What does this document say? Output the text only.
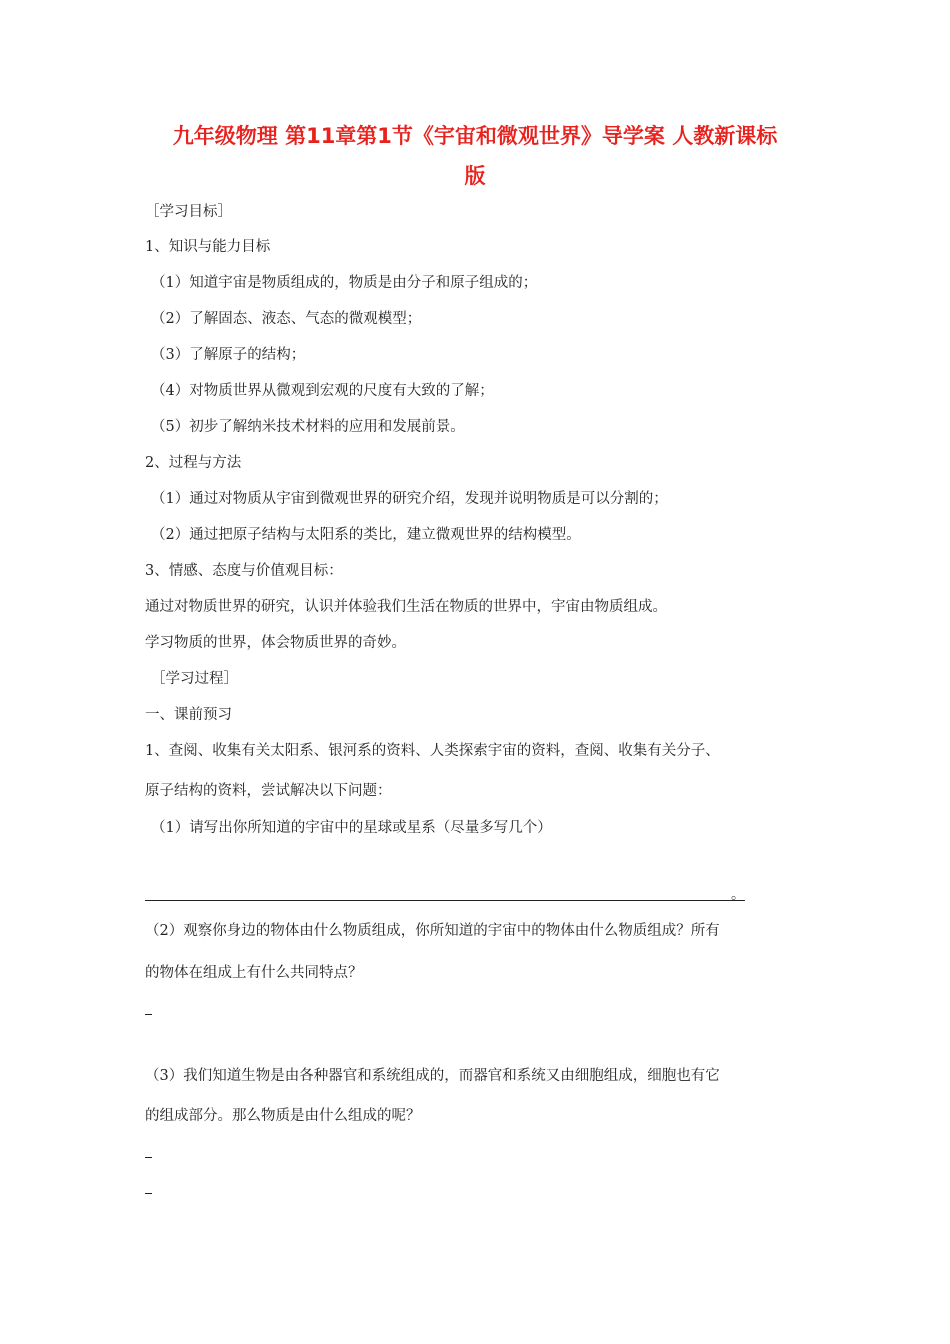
九年级物理 第11章第1节《宇宙和微观世界》导学案 人教新课标
版
［学习目标］
1、知识与能力目标
（1）知道宇宙是物质组成的，物质是由分子和原子组成的；
（2）了解固态、液态、气态的微观模型；
（3）了解原子的结构；
（4）对物质世界从微观到宏观的尺度有大致的了解；
（5）初步了解纳米技术材料的应用和发展前景。
2、过程与方法
（1）通过对物质从宇宙到微观世界的研究介绍，发现并说明物质是可以分割的；
（2）通过把原子结构与太阳系的类比，建立微观世界的结构模型。
3、情感、态度与价值观目标：
通过对物质世界的研究，认识并体验我们生活在物质的世界中，宇宙由物质组成。
学习物质的世界，体会物质世界的奇妙。
［学习过程］
一、课前预习
1、查阅、收集有关太阳系、银河系的资料、人类探索宇宙的资料，查阅、收集有关分子、
原子结构的资料，尝试解决以下问题：
（1）请写出你所知道的宇宙中的星球或星系（尽量多写几个）
。
（2）观察你身边的物体由什么物质组成，你所知道的宇宙中的物体由什么物质组成？所有
的物体在组成上有什么共同特点？
（3）我们知道生物是由各种器官和系统组成的，而器官和系统又由细胞组成，细胞也有它
的组成部分。那么物质是由什么组成的呢？
